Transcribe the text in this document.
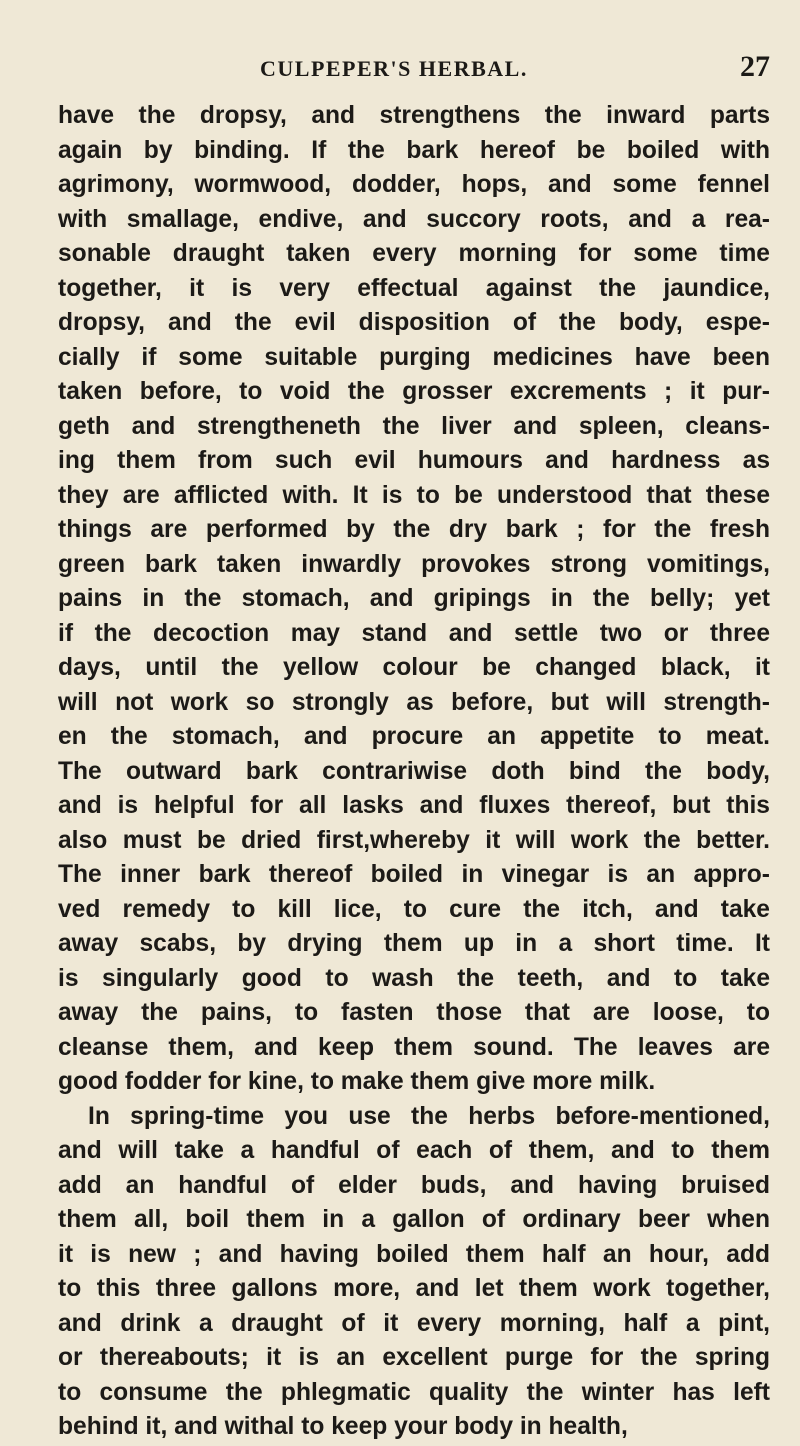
CULPEPER'S HERBAL.	27
have the dropsy, and strengthens the inward parts
again by binding. If the bark hereof be boiled with
agrimony, wormwood, dodder, hops, and some fennel
with smallage, endive, and succory roots, and a rea-
sonable draught taken every morning for some time
together, it is very effectual against the jaundice,
dropsy, and the evil disposition of the body, espe-
cially if some suitable purging medicines have been
taken before, to void the grosser excrements ; it pur-
geth and strengtheneth the liver and spleen, cleans-
ing them from such evil humours and hardness as
they are afflicted with. It is to be understood that these
things are performed by the dry bark ; for the fresh
green bark taken inwardly provokes strong vomitings,
pains in the stomach, and gripings in the belly; yet
if the decoction may stand and settle two or three
days, until the yellow colour be changed black, it
will not work so strongly as before, but will strength-
en the stomach, and procure an appetite to meat.
The outward bark contrariwise doth bind the body,
and is helpful for all lasks and fluxes thereof, but this
also must be dried first,whereby it will work the better.
The inner bark thereof boiled in vinegar is an appro-
ved remedy to kill lice, to cure the itch, and take
away scabs, by drying them up in a short time. It
is singularly good to wash the teeth, and to take
away the pains, to fasten those that are loose, to
cleanse them, and keep them sound. The leaves are
good fodder for kine, to make them give more milk.
In spring-time you use the herbs before-mentioned,
and will take a handful of each of them, and to them
add an handful of elder buds, and having bruised
them all, boil them in a gallon of ordinary beer when
it is new ; and having boiled them half an hour, add
to this three gallons more, and let them work together,
and drink a draught of it every morning, half a pint,
or thereabouts; it is an excellent purge for the spring
to consume the phlegmatic quality the winter has left
behind it, and withal to keep your body in health,
